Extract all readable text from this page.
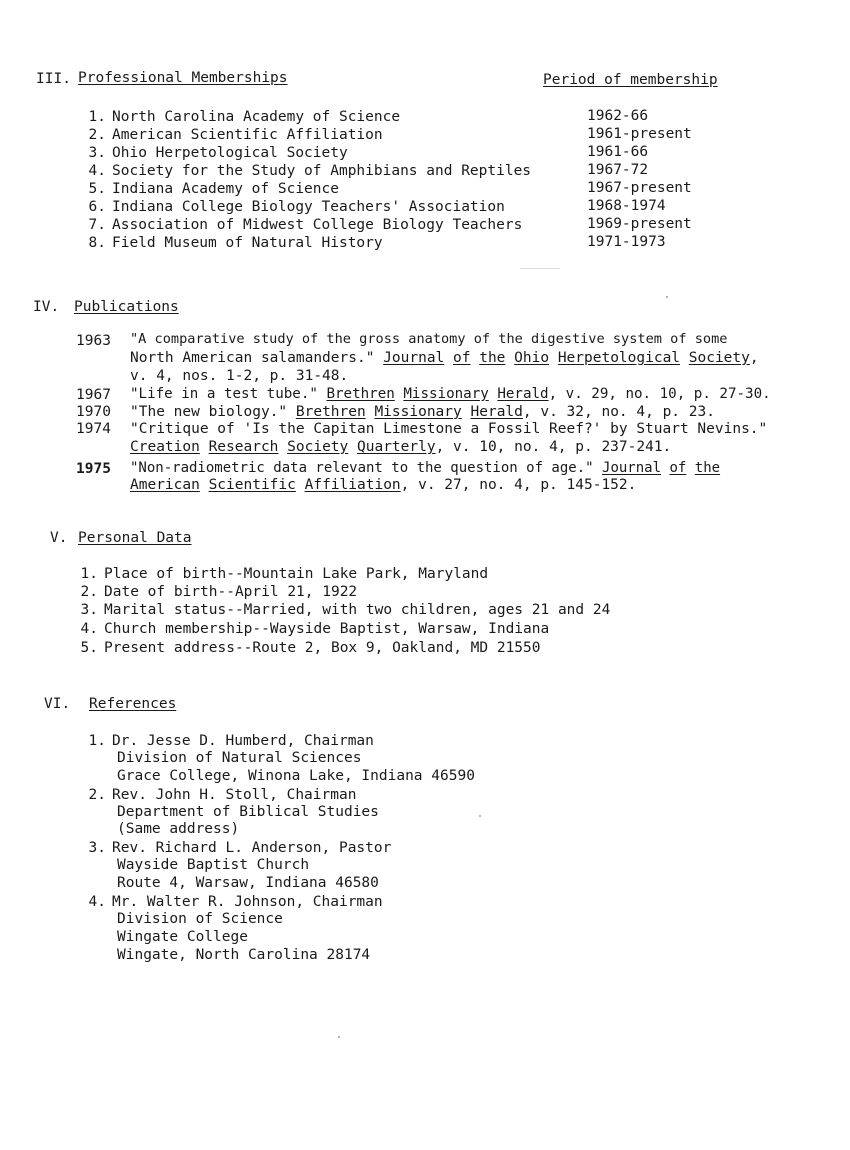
III. Professional Memberships	Period of membership
1. North Carolina Academy of Science	1962-66
2. American Scientific Affiliation	1961-present
3. Ohio Herpetological Society	1961-66
4. Society for the Study of Amphibians and Reptiles	1967-72
5. Indiana Academy of Science	1967-present
6. Indiana College Biology Teachers' Association	1968-1974
7. Association of Midwest College Biology Teachers	1969-present
8. Field Museum of Natural History	1971-1973
IV. Publications
1963 "A comparative study of the gross anatomy of the digestive system of some
North American salamanders." Journal of the Ohio Herpetological Society,
v. 4, nos. 1-2, p. 31-48.
1967 "Life in a test tube." Brethren Missionary Herald, v. 29, no. 10, p. 27-30.
1970 "The new biology." Brethren Missionary Herald, v. 32, no. 4, p. 23.
1974 "Critique of 'Is the Capitan Limestone a Fossil Reef?' by Stuart Nevins."
Creation Research Society Quarterly, v. 10, no. 4, p. 237-241.
1975 "Non-radiometric data relevant to the question of age." Journal of the
American Scientific Affiliation, v. 27, no. 4, p. 145-152.
V. Personal Data
1. Place of birth--Mountain Lake Park, Maryland
2. Date of birth--April 21, 1922
3. Marital status--Married, with two children, ages 21 and 24
4. Church membership--Wayside Baptist, Warsaw, Indiana
5. Present address--Route 2, Box 9, Oakland, MD 21550
VI. References
1. Dr. Jesse D. Humberd, Chairman
Division of Natural Sciences
Grace College, Winona Lake, Indiana 46590
2. Rev. John H. Stoll, Chairman
Department of Biblical Studies
(Same address)
3. Rev. Richard L. Anderson, Pastor
Wayside Baptist Church
Route 4, Warsaw, Indiana 46580
4. Mr. Walter R. Johnson, Chairman
Division of Science
Wingate College
Wingate, North Carolina 28174
